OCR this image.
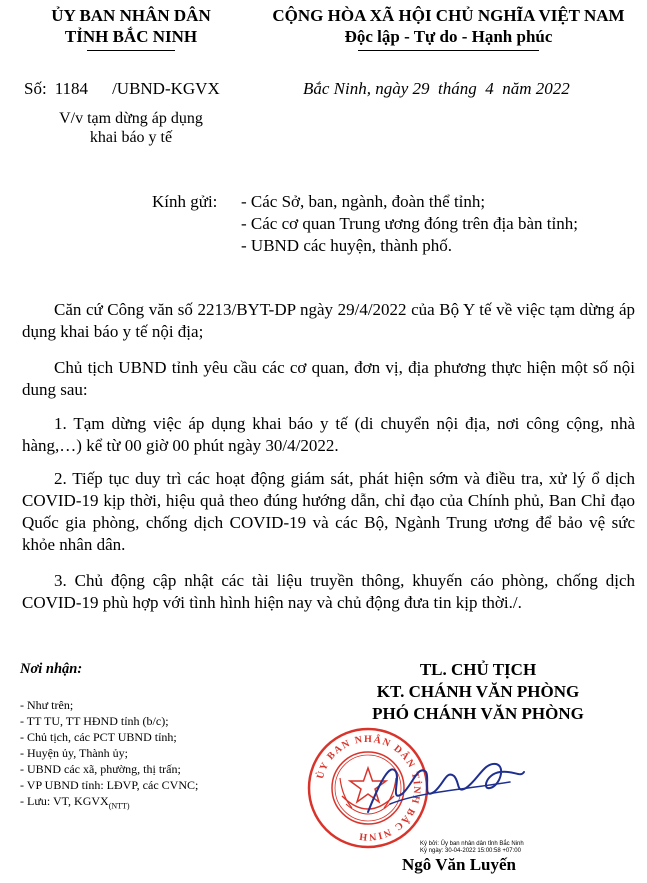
ỦY BAN NHÂN DÂN
TỈNH BẮC NINH
CỘNG HÒA XÃ HỘI CHỦ NGHĨA VIỆT NAM
Độc lập - Tự do - Hạnh phúc
Số: 1184 /UBND-KGVX	Bắc Ninh, ngày 29  tháng  4  năm 2022
V/v tạm dừng áp dụng
khai báo y tế
Kính gửi: - Các Sở, ban, ngành, đoàn thể tỉnh;
- Các cơ quan Trung ương đóng trên địa bàn tỉnh;
- UBND các huyện, thành phố.
Căn cứ Công văn số 2213/BYT-DP ngày 29/4/2022 của Bộ Y tế về việc tạm dừng áp dụng khai báo y tế nội địa;
Chủ tịch UBND tỉnh yêu cầu các cơ quan, đơn vị, địa phương thực hiện một số nội dung sau:
1. Tạm dừng việc áp dụng khai báo y tế (di chuyển nội địa, nơi công cộng, nhà hàng,…) kể từ 00 giờ 00 phút ngày 30/4/2022.
2. Tiếp tục duy trì các hoạt động giám sát, phát hiện sớm và điều tra, xử lý ổ dịch COVID-19 kịp thời, hiệu quả theo đúng hướng dẫn, chỉ đạo của Chính phủ, Ban Chỉ đạo Quốc gia phòng, chống dịch COVID-19 và các Bộ, Ngành Trung ương để bảo vệ sức khỏe nhân dân.
3. Chủ động cập nhật các tài liệu truyền thông, khuyến cáo phòng, chống dịch COVID-19 phù hợp với tình hình hiện nay và chủ động đưa tin kịp thời./.
Nơi nhận:
- Như trên;
- TT TU, TT HĐND tỉnh (b/c);
- Chủ tịch, các PCT UBND tỉnh;
- Huyện ủy, Thành ủy;
- UBND các xã, phường, thị trấn;
- VP UBND tỉnh: LĐVP, các CVNC;
- Lưu: VT, $KGVX_{(NTT)}$
TL. CHỦ TỊCH
KT. CHÁNH VĂN PHÒNG
PHÓ CHÁNH VĂN PHÒNG
ỦY BAN NHÂN DÂN TỈNH BẮC NINH
Ký bởi: Ủy ban nhân dân tỉnh Bắc Ninh
Ký ngày: 30-04-2022 15:00:58 +07:00
Ngô Văn Luyến
